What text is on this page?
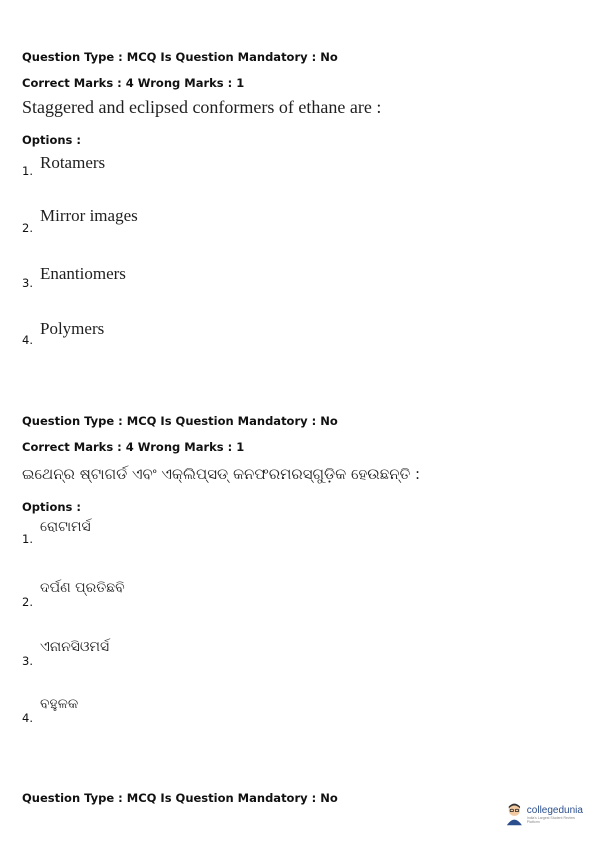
Question Type : MCQ Is Question Mandatory : No
Correct Marks : 4 Wrong Marks : 1
Staggered and eclipsed conformers of ethane are :
Options :
1. Rotamers
2.
Mirror images
3. Enantiomers
4.
Polymers
Question Type : MCQ Is Question Mandatory : No
Correct Marks : 4 Wrong Marks : 1
ଇଥେନ୍‌ର ଷ୍ଟାଗର୍ଡ ଏବଂ ଏକ୍ଲିପ୍ସଡ୍ କନଫରମରସ୍‌ଗୁଡ଼ିକ ହେଉଛନ୍ତି :
Options :
1.
ରୋଟାମର୍ସ
2.
ଦର୍ପଣ ପ୍ରତିଛବି
3.
ଏନାନସିଓମର୍ସ
4.
ବହୁଳକ
Question Type : MCQ Is Question Mandatory : No
collegedunia
India's Largest Student Review Platform
